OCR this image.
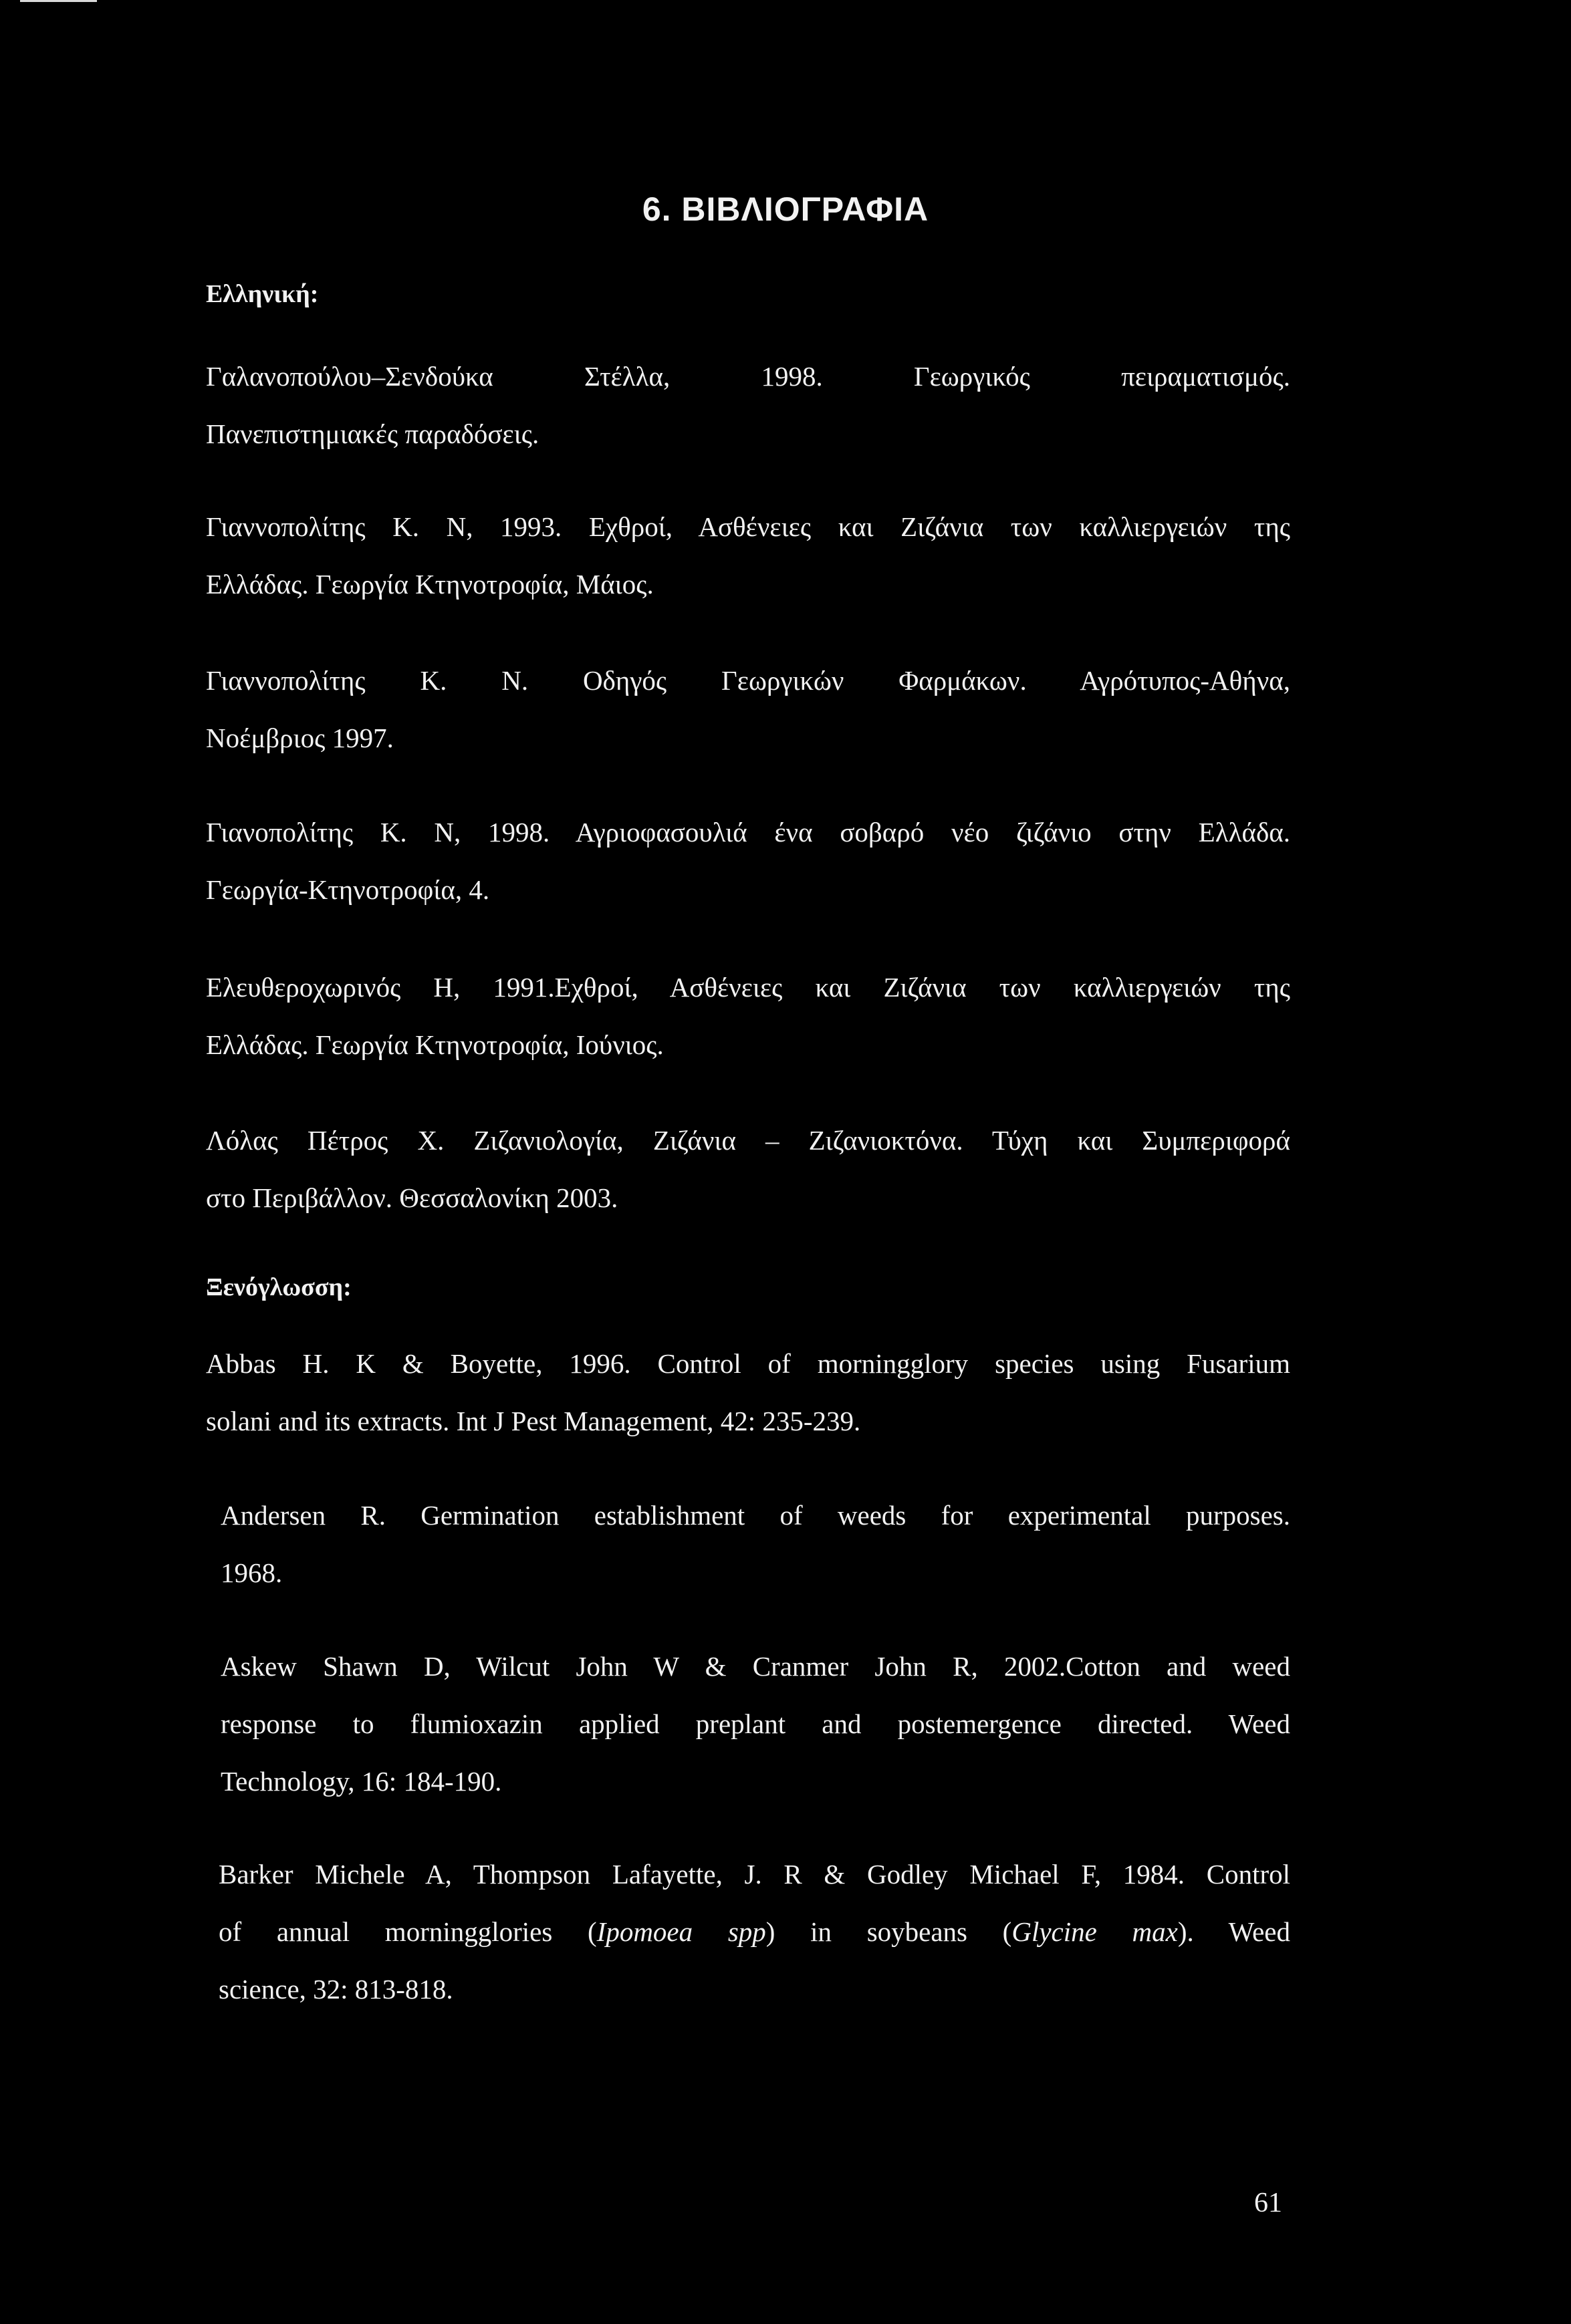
6. ΒΙΒΛΙΟΓΡΑΦΙΑ

Ελληνική:

Γαλανοπούλου–Σενδούκα Στέλλα, 1998. Γεωργικός πειραματισμός.
Πανεπιστημιακές παραδόσεις.
Γιαννοπολίτης Κ. Ν, 1993. Εχθροί, Ασθένειες και Ζιζάνια των καλλιεργειών της
Ελλάδας. Γεωργία Κτηνοτροφία, Μάιος.
Γιαννοπολίτης Κ. Ν. Οδηγός Γεωργικών Φαρμάκων. Αγρότυπος-Αθήνα,
Νοέμβριος 1997.
Γιανοπολίτης Κ. Ν, 1998. Αγριοφασουλιά ένα σοβαρό νέο ζιζάνιο στην Ελλάδα.
Γεωργία-Κτηνοτροφία, 4.
Ελευθεροχωρινός Η, 1991.Εχθροί, Ασθένειες και Ζιζάνια των καλλιεργειών της
Ελλάδας. Γεωργία Κτηνοτροφία, Ιούνιος.
Λόλας Πέτρος Χ. Ζιζανιολογία, Ζιζάνια – Ζιζανιοκτόνα. Τύχη και Συμπεριφορά
στο Περιβάλλον. Θεσσαλονίκη 2003.

Ξενόγλωσση:

Abbas H. K & Boyette, 1996. Control of morningglory species using Fusarium
solani and its extracts. Int J Pest Management, 42: 235-239.
Andersen R. Germination establishment of weeds for experimental purposes.
1968.
Askew Shawn D, Wilcut John W & Cranmer John R, 2002.Cotton and weed
response to flumioxazin applied preplant and postemergence directed. Weed
Technology, 16: 184-190.
Barker Michele A, Thompson Lafayette, J. R & Godley Michael F, 1984. Control
of annual morningglories (Ipomoea spp) in soybeans (Glycine max). Weed
science, 32: 813-818.
61
